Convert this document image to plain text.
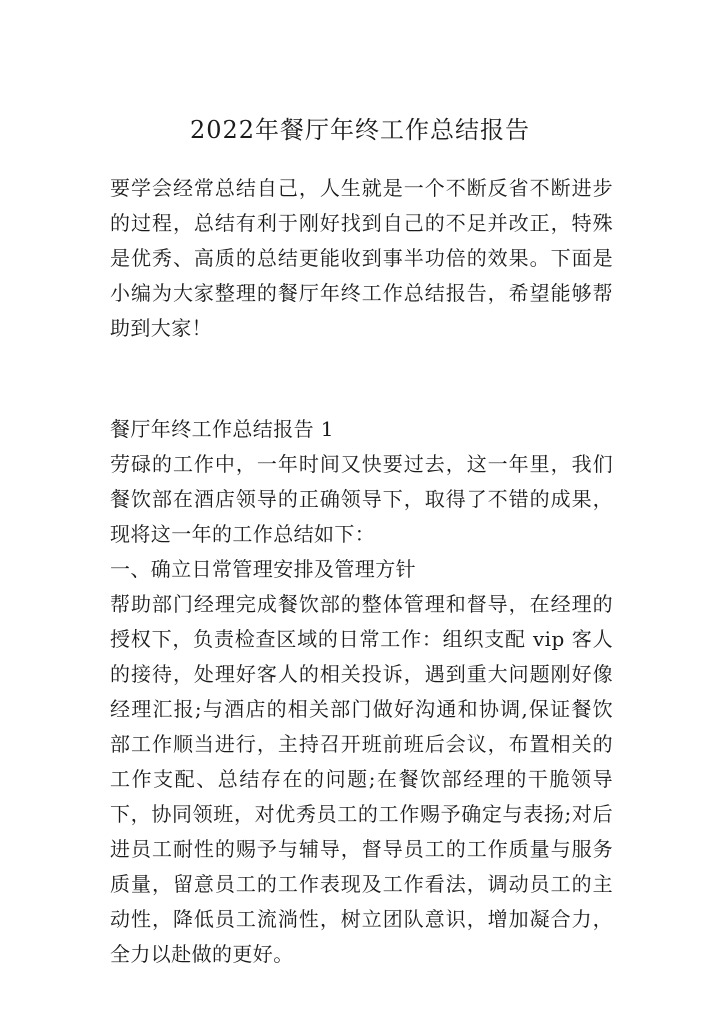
2022年餐厅年终工作总结报告

要学会经常总结自己，人生就是一个不断反省不断进步的过程，总结有利于刚好找到自己的不足并改正，特殊是优秀、高质的总结更能收到事半功倍的效果。下面是小编为大家整理的餐厅年终工作总结报告，希望能够帮助到大家！

餐厅年终工作总结报告 1

劳碌的工作中，一年时间又快要过去，这一年里，我们餐饮部在酒店领导的正确领导下，取得了不错的成果，现将这一年的工作总结如下：

一、确立日常管理安排及管理方针

帮助部门经理完成餐饮部的整体管理和督导，在经理的授权下，负责检查区域的日常工作：组织支配 vip 客人的接待，处理好客人的相关投诉，遇到重大问题刚好像经理汇报;与酒店的相关部门做好沟通和协调,保证餐饮部工作顺当进行，主持召开班前班后会议，布置相关的工作支配、总结存在的问题;在餐饮部经理的干脆领导下，协同领班，对优秀员工的工作赐予确定与表扬;对后进员工耐性的赐予与辅导，督导员工的工作质量与服务质量，留意员工的工作表现及工作看法，调动员工的主动性，降低员工流淌性，树立团队意识，增加凝合力，全力以赴做的更好。
